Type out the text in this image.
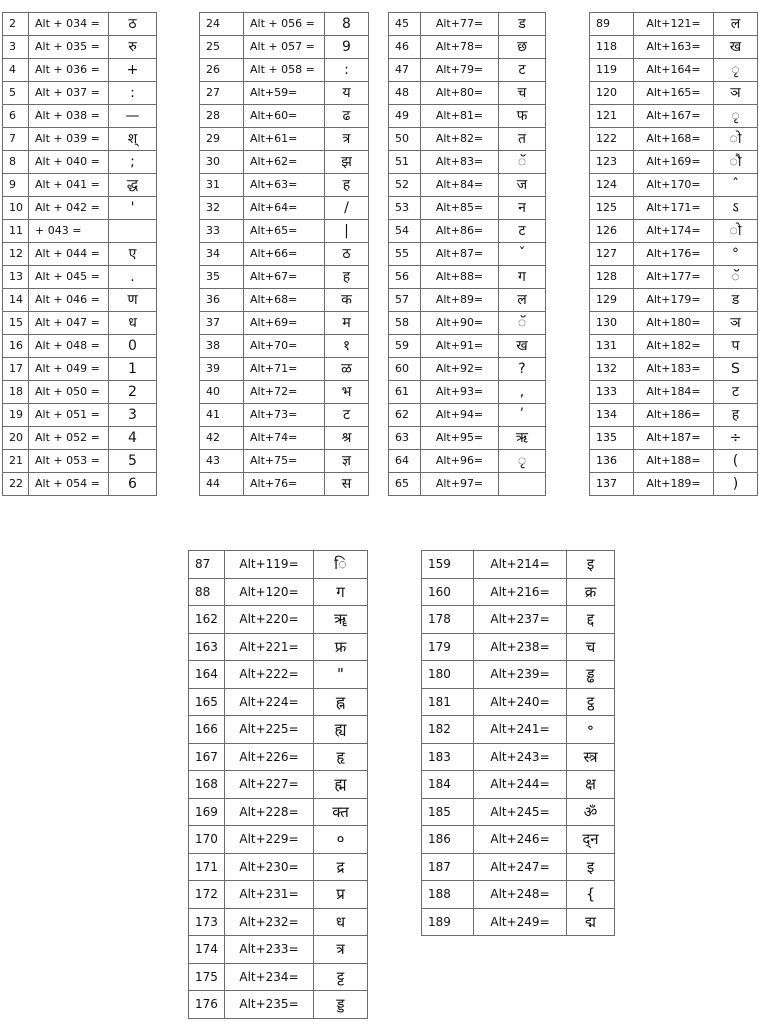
2	Alt + 034 =	ठ
3	Alt + 035 =	रु
4	Alt + 036 =	+
5	Alt + 037 =	:
6	Alt + 038 =	—
7	Alt + 039 =	श्
8	Alt + 040 =	;
9	Alt + 041 =	द्ध
10	Alt + 042 =	'
11	+ 043 =	
12	Alt + 044 =	ए
13	Alt + 045 =	.
14	Alt + 046 =	ण
15	Alt + 047 =	ध
16	Alt + 048 =	0
17	Alt + 049 =	1
18	Alt + 050 =	2
19	Alt + 051 =	3
20	Alt + 052 =	4
21	Alt + 053 =	5
22	Alt + 054 =	6
24	Alt + 056 =	8
25	Alt + 057 =	9
26	Alt + 058 =	:
27	Alt+59=	य
28	Alt+60=	ढ
29	Alt+61=	त्र
30	Alt+62=	झ
31	Alt+63=	ह
32	Alt+64=	/
33	Alt+65=	|
34	Alt+66=	ठ
35	Alt+67=	ह
36	Alt+68=	क
37	Alt+69=	म
38	Alt+70=	१
39	Alt+71=	ळ
40	Alt+72=	भ
41	Alt+73=	ट
42	Alt+74=	श्र
43	Alt+75=	ज्ञ
44	Alt+76=	स
45	Alt+77=	ड
46	Alt+78=	छ
47	Alt+79=	ट
48	Alt+80=	च
49	Alt+81=	फ
50	Alt+82=	त
51	Alt+83=	ॅ
52	Alt+84=	ज
53	Alt+85=	न
54	Alt+86=	ट
55	Alt+87=	ˇ
56	Alt+88=	ग
57	Alt+89=	ल
58	Alt+90=	ॅ
59	Alt+91=	ख
60	Alt+92=	?
61	Alt+93=	,
62	Alt+94=	ʹ
63	Alt+95=	ऋ
64	Alt+96=	ृ
65	Alt+97=	
89	Alt+121=	ल
118	Alt+163=	ख
119	Alt+164=	ृ
120	Alt+165=	ञ
121	Alt+167=	ृ
122	Alt+168=	ो
123	Alt+169=	ौ
124	Alt+170=	ˆ
125	Alt+171=	ऽ
126	Alt+174=	ो
127	Alt+176=	°
128	Alt+177=	ॅ
129	Alt+179=	ड
130	Alt+180=	ञ
131	Alt+182=	प
132	Alt+183=	S
133	Alt+184=	ट
134	Alt+186=	ह
135	Alt+187=	÷
136	Alt+188=	(
137	Alt+189=	)
87	Alt+119=	ि
88	Alt+120=	ग
162	Alt+220=	ॠ
163	Alt+221=	फ्र
164	Alt+222=	"
165	Alt+224=	ह्न
166	Alt+225=	ह्य
167	Alt+226=	हृ
168	Alt+227=	ह्म
169	Alt+228=	क्त
170	Alt+229=	०
171	Alt+230=	द्र
172	Alt+231=	प्र
173	Alt+232=	ध
174	Alt+233=	त्र
175	Alt+234=	ट्ट
176	Alt+235=	ड्ड
159	Alt+214=	इ
160	Alt+216=	क्र
178	Alt+237=	द्द
179	Alt+238=	च
180	Alt+239=	ड्ढ
181	Alt+240=	ट्ठ
182	Alt+241=	॰
183	Alt+243=	स्त्र
184	Alt+244=	क्ष
185	Alt+245=	ॐ
186	Alt+246=	द्न
187	Alt+247=	इ
188	Alt+248=	{
189	Alt+249=	द्म
